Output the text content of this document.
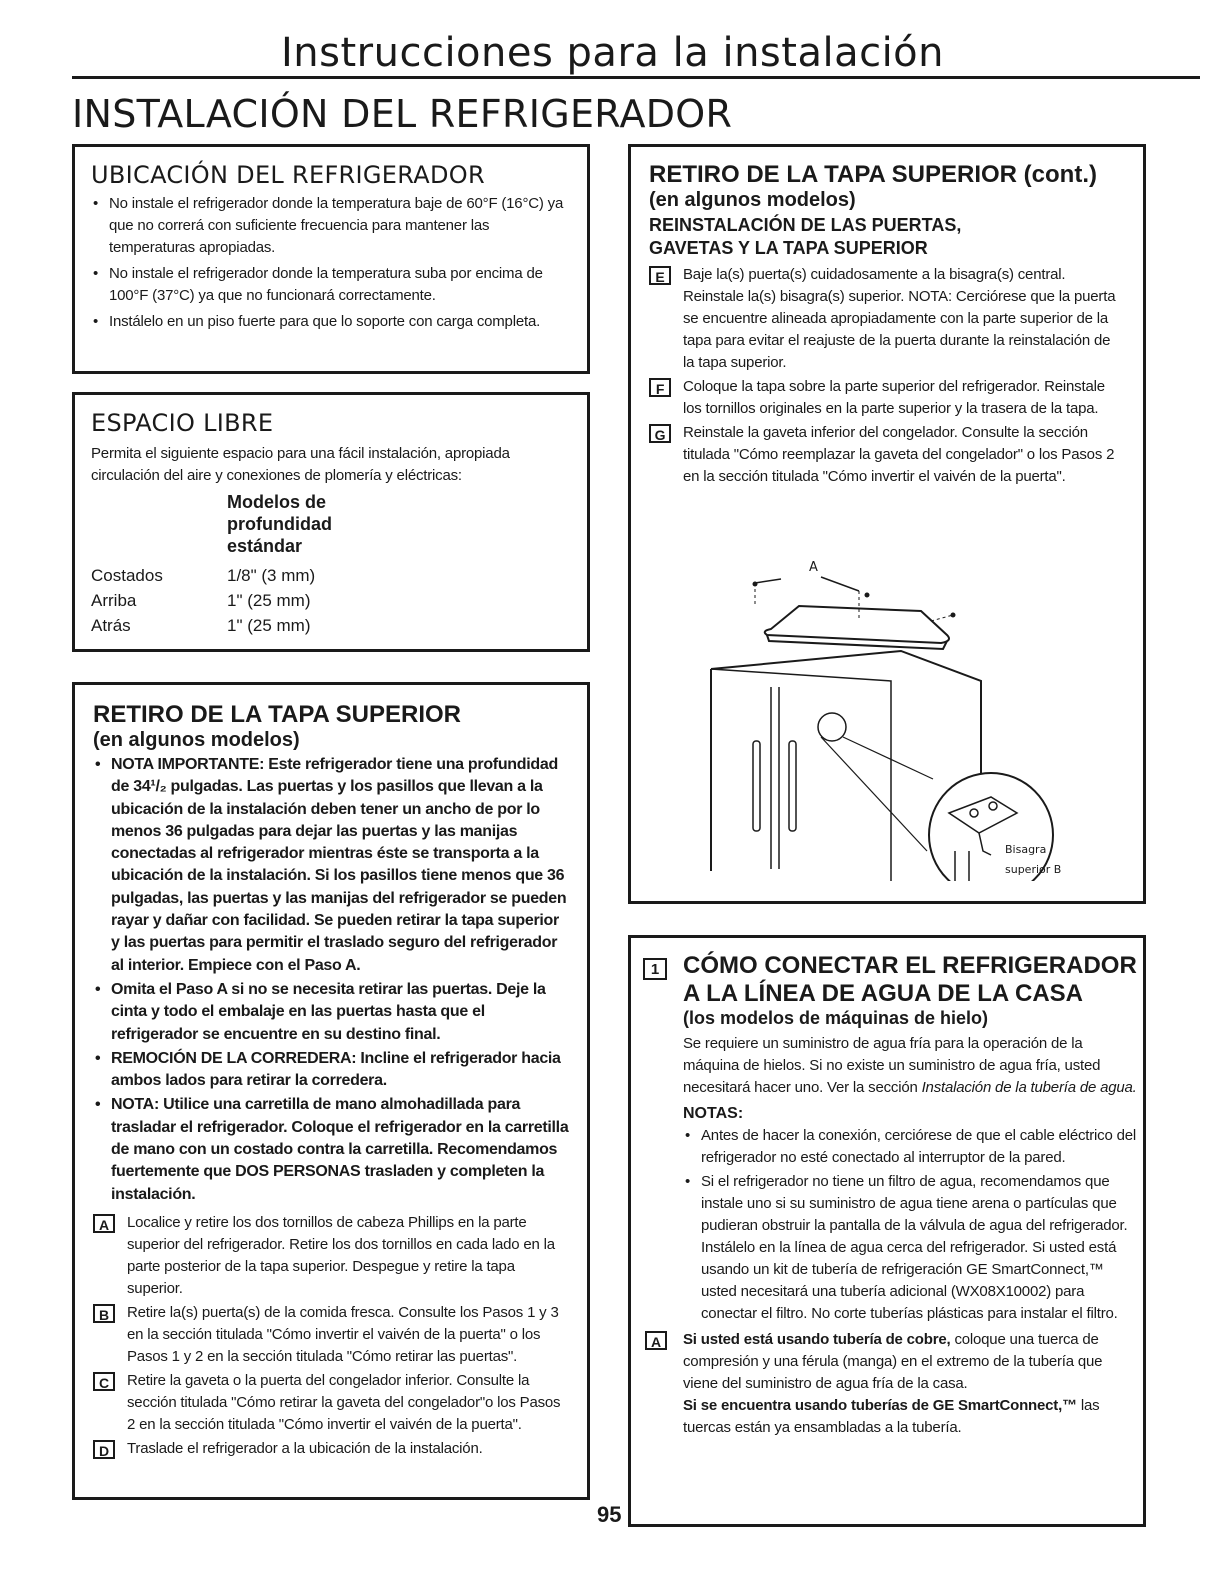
Instrucciones para la instalación
INSTALACIÓN DEL REFRIGERADOR

UBICACIÓN DEL REFRIGERADOR

• No instale el refrigerador donde la temperatura baje de 60°F (16°C) ya que no correrá con suficiente frecuencia para mantener las temperaturas apropiadas.
• No instale el refrigerador donde la temperatura suba por encima de 100°F (37°C) ya que no funcionará correctamente.
• Instálelo en un piso fuerte para que lo soporte con carga completa.

ESPACIO LIBRE

Permita el siguiente espacio para una fácil instalación, apropiada circulación del aire y conexiones de plomería y eléctricas:
Modelos de profundidad estándar
Costados	1/8" (3 mm)
Arriba	1" (25 mm)
Atrás	1" (25 mm)

RETIRO DE LA TAPA SUPERIOR

(en algunos modelos)

• NOTA IMPORTANTE: Este refrigerador tiene una profundidad de 34¹/₂ pulgadas. Las puertas y los pasillos que llevan a la ubicación de la instalación deben tener un ancho de por lo menos 36 pulgadas para dejar las puertas y las manijas conectadas al refrigerador mientras éste se transporta a la ubicación de la instalación. Si los pasillos tiene menos que 36 pulgadas, las puertas y las manijas del refrigerador se pueden rayar y dañar con facilidad. Se pueden retirar la tapa superior y las puertas para permitir el traslado seguro del refrigerador al interior. Empiece con el Paso A.
• Omita el Paso A si no se necesita retirar las puertas. Deje la cinta y todo el embalaje en las puertas hasta que el refrigerador se encuentre en su destino final.
• REMOCIÓN DE LA CORREDERA: Incline el refrigerador hacia ambos lados para retirar la corredera.
• NOTA: Utilice una carretilla de mano almohadillada para trasladar el refrigerador. Coloque el refrigerador en la carretilla de mano con un costado contra la carretilla. Recomendamos fuertemente que DOS PERSONAS trasladen y completen la instalación.
A	Localice y retire los dos tornillos de cabeza Phillips en la parte superior del refrigerador. Retire los dos tornillos en cada lado en la parte posterior de la tapa superior. Despegue y retire la tapa superior.
B	Retire la(s) puerta(s) de la comida fresca. Consulte los Pasos 1 y 3 en la sección titulada "Cómo invertir el vaivén de la puerta" o los Pasos 1 y 2 en la sección titulada "Cómo retirar las puertas".
C	Retire la gaveta o la puerta del congelador inferior. Consulte la sección titulada "Cómo retirar la gaveta del congelador"o los Pasos 2 en la sección titulada "Cómo invertir el vaivén de la puerta".
D	Traslade el refrigerador a la ubicación de la instalación.

RETIRO DE LA TAPA SUPERIOR (cont.)

(en algunos modelos)

REINSTALACIÓN DE LAS PUERTAS, GAVETAS Y LA TAPA SUPERIOR

E	Baje la(s) puerta(s) cuidadosamente a la bisagra(s) central. Reinstale la(s) bisagra(s) superior. NOTA: Cerciórese que la puerta se encuentre alineada apropiadamente con la parte superior de la tapa para evitar el reajuste de la puerta durante la reinstalación de la tapa superior.
F	Coloque la tapa sobre la parte superior del refrigerador. Reinstale los tornillos originales en la parte superior y la trasera de la tapa.
G	Reinstale la gaveta inferior del congelador. Consulte la sección titulada "Cómo reemplazar la gaveta del congelador" o los Pasos 2 en la sección titulada "Cómo invertir el vaivén de la puerta".
A
Bisagra superior B
1 CÓMO CONECTAR EL REFRIGERADOR

A LA LÍNEA DE AGUA DE LA CASA

(los modelos de máquinas de hielo)

Se requiere un suministro de agua fría para la operación de la máquina de hielos. Si no existe un suministro de agua fría, usted necesitará hacer uno. Ver la sección Instalación de la tubería de agua.
NOTAS:
• Antes de hacer la conexión, cerciórese de que el cable eléctrico del refrigerador no esté conectado al interruptor de la pared.
• Si el refrigerador no tiene un filtro de agua, recomendamos que instale uno si su suministro de agua tiene arena o partículas que pudieran obstruir la pantalla de la válvula de agua del refrigerador. Instálelo en la línea de agua cerca del refrigerador. Si usted está usando un kit de tubería de refrigeración GE SmartConnect,™ usted necesitará una tubería adicional (WX08X10002) para conectar el filtro. No corte tuberías plásticas para instalar el filtro.
A	Si usted está usando tubería de cobre, coloque una tuerca de compresión y una férula (manga) en el extremo de la tubería que viene del suministro de agua fría de la casa.
Si se encuentra usando tuberías de GE SmartConnect,™ las tuercas están ya ensambladas a la tubería.
95
